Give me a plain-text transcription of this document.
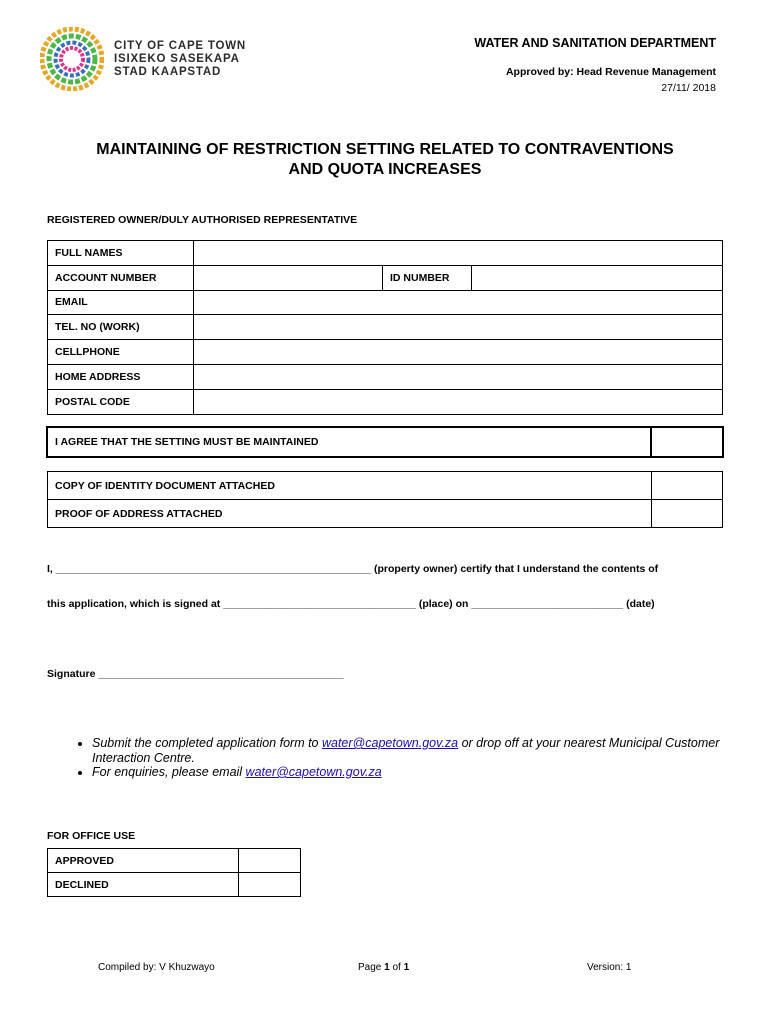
CITY OF CAPE TOWN
ISIXEKO SASEKAPA
STAD KAAPSTAD
WATER AND SANITATION DEPARTMENT
Approved by: Head Revenue Management
27/11/ 2018
MAINTAINING OF RESTRICTION SETTING RELATED TO CONTRAVENTIONS
AND QUOTA INCREASES
REGISTERED OWNER/DULY AUTHORISED REPRESENTATIVE
FULL NAMES			
ACCOUNT NUMBER		ID NUMBER	
EMAIL			
TEL. NO (WORK)			
CELLPHONE			
HOME ADDRESS			
POSTAL CODE			
I AGREE THAT THE SETTING MUST BE MAINTAINED	
COPY OF IDENTITY DOCUMENT ATTACHED	
PROOF OF ADDRESS ATTACHED	
I, ______________________________________________________ (property owner) certify that I understand the contents of
this application, which is signed at _________________________________ (place) on __________________________ (date)
Signature __________________________________________
• Submit the completed application form to water@capetown.gov.za or drop off at your nearest Municipal Customer Interaction Centre.
• For enquiries, please email water@capetown.gov.za
FOR OFFICE USE
APPROVED	
DECLINED	
Compiled by: V Khuzwayo	Page 1 of 1	Version: 1
